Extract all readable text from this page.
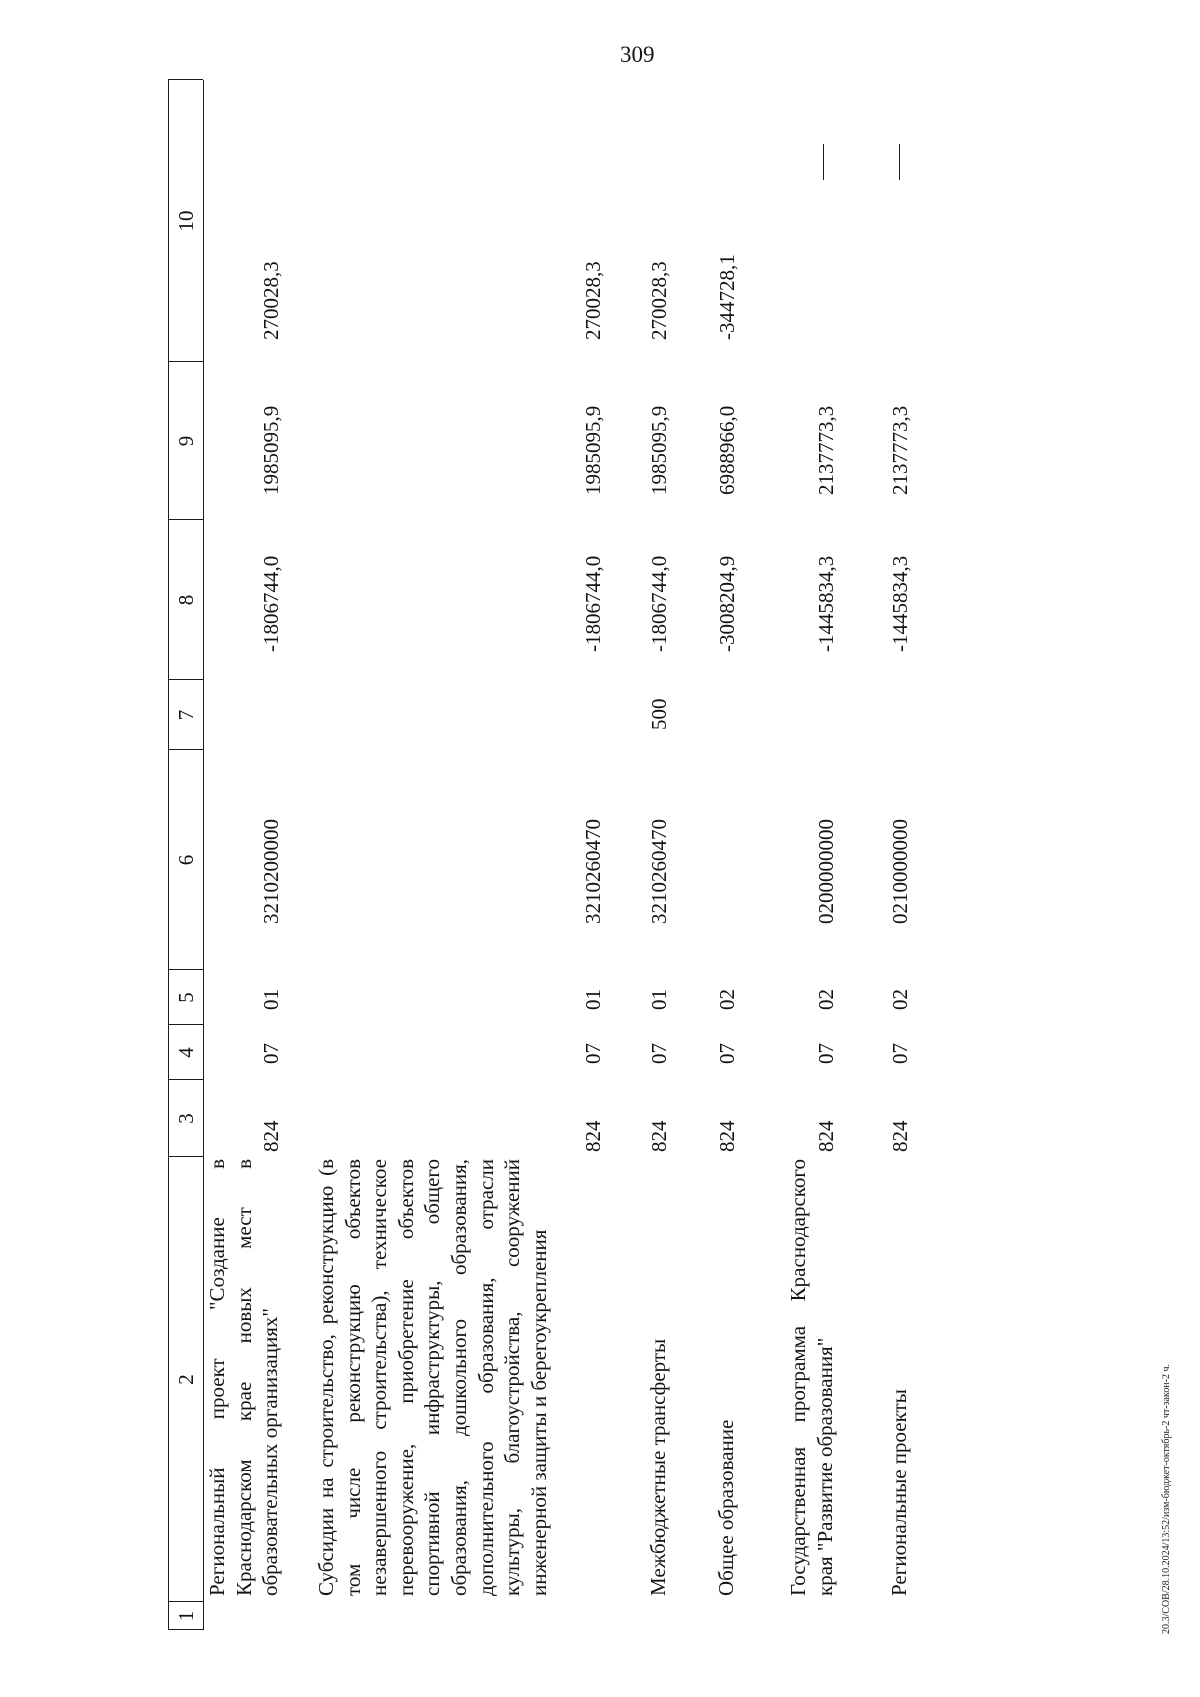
309
20.3/СОВ/28.10.2024/13:52/изм-бюджет-октябрь-2 чт-закон-2 ч.
1
2
3
4
5
6
7
8
9
10
Региональный проект "Создание в Краснодарском крае новых мест в образовательных организациях"
824
07
01
3210200000
-1806744,0
1985095,9
270028,3
Субсидии на строительство, реконструкцию (в том числе реконструкцию объектов незавершенного строительства), техническое перевооружение, приобретение объектов спортивной инфраструктуры, общего образования, дошкольного образования, дополнительного образования, отрасли культуры, благоустройства, сооружений инженерной защиты и берегоукрепления
824
07
01
3210260470
-1806744,0
1985095,9
270028,3
Межбюджетные трансферты
824
07
01
3210260470
500
-1806744,0
1985095,9
270028,3
Общее образование
824
07
02
-3008204,9
6988966,0
-344728,1
Государственная программа Краснодарского края "Развитие образования"
824
07
02
0200000000
-1445834,3
2137773,3
Региональные проекты
824
07
02
0210000000
-1445834,3
2137773,3
